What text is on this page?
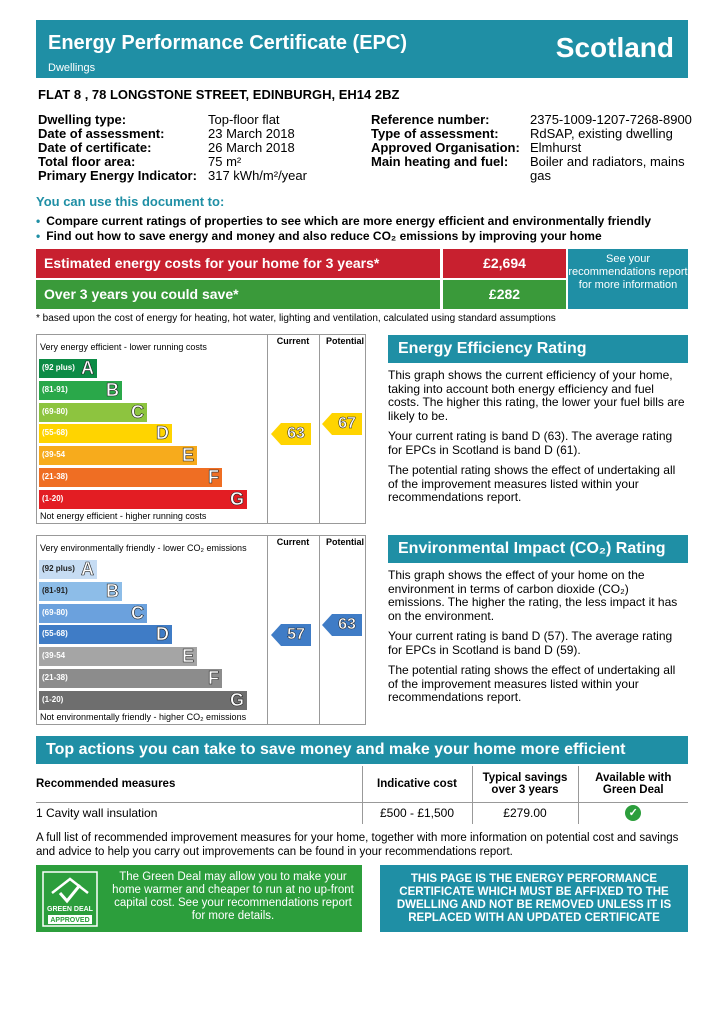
Energy Performance Certificate (EPC)
Dwellings
Scotland
FLAT 8 , 78 LONGSTONE STREET, EDINBURGH, EH14 2BZ
Dwelling type:	Top-floor flat
Date of assessment:	23 March 2018
Date of certificate:	26 March 2018
Total floor area:	75 m²
Primary Energy Indicator: 317 kWh/m²/year
Reference number:	2375-1009-1207-7268-8900
Type of assessment: RdSAP, existing dwelling
Approved Organisation: Elmhurst
Main heating and fuel: Boiler and radiators, mains
gas
You can use this document to:
• Compare current ratings of properties to see which are more energy efficient and environmentally friendly
• Find out how to save energy and money and also reduce CO₂ emissions by improving your home
Estimated energy costs for your home for 3 years*	£2,694
Over 3 years you could save*	£282
See your recommendations report for more information
* based upon the cost of energy for heating, hot water, lighting and ventilation, calculated using standard assumptions
Very energy efficient - lower running costs
Not energy efficient - higher running costs
Current	Potential
(92 plus) A
(81-91) B
(69-80)	C
(55-68)	D
(39-54	E
(21-38)	F
(1-20)	G
63
67
Very environmentally friendly - lower CO₂ emissions
Not environmentally friendly - higher CO₂ emissions
Current	Potential
(92 plus) A
(81-91) B
(69-80)	C
(55-68)	D
(39-54	E
(21-38)	F
(1-20)	G
57
63
Energy Efficiency Rating

This graph shows the current efficiency of your home, taking into account both energy efficiency and fuel costs. The higher this rating, the lower your fuel bills are likely to be.

Your current rating is band D (63). The average rating for EPCs in Scotland is band D (61).

The potential rating shows the effect of undertaking all of the improvement measures listed within your recommendations report.

Environmental Impact (CO₂) Rating

This graph shows the effect of your home on the environment in terms of carbon dioxide (CO₂) emissions. The higher the rating, the less impact it has on the environment.

Your current rating is band D (57). The average rating for EPCs in Scotland is band D (59).

The potential rating shows the effect of undertaking all of the improvement measures listed within your recommendations report.

Top actions you can take to save money and make your home more efficient
Recommended measures	Indicative cost	Typical savings over 3 years	Available with Green Deal
1 Cavity wall insulation	£500 - £1,500	£279.00	✓
A full list of recommended improvement measures for your home, together with more information on potential cost and savings and advice to help you carry out improvements can be found in your recommendations report.
GREEN DEAL
APPROVED
The Green Deal may allow you to make your home warmer and cheaper to run at no up-front capital cost. See your recommendations report for more details.
THIS PAGE IS THE ENERGY PERFORMANCE CERTIFICATE WHICH MUST BE AFFIXED TO THE DWELLING AND NOT BE REMOVED UNLESS IT IS REPLACED WITH AN UPDATED CERTIFICATE
